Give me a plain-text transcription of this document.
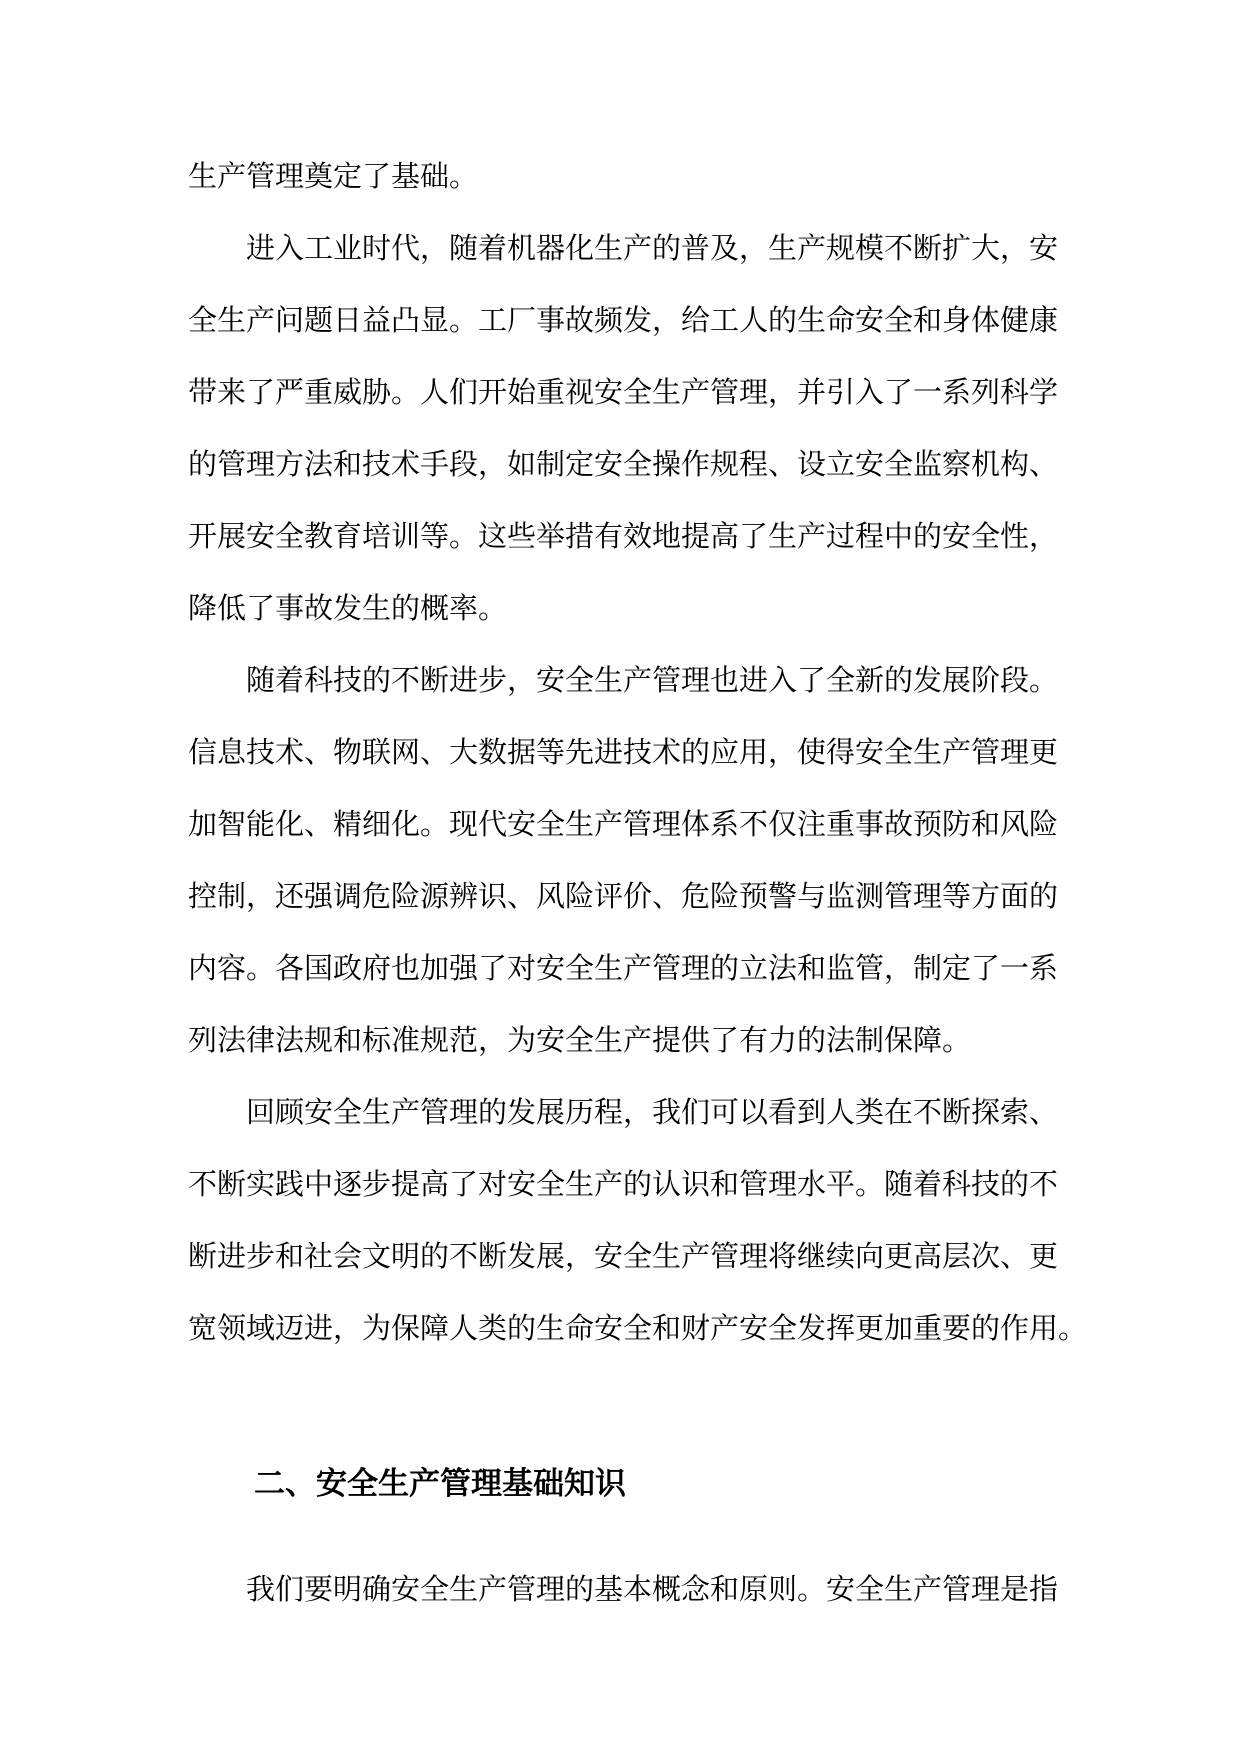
生产管理奠定了基础。
进入工业时代，随着机器化生产的普及，生产规模不断扩大，安
全生产问题日益凸显。工厂事故频发，给工人的生命安全和身体健康
带来了严重威胁。人们开始重视安全生产管理，并引入了一系列科学
的管理方法和技术手段，如制定安全操作规程、设立安全监察机构、
开展安全教育培训等。这些举措有效地提高了生产过程中的安全性，
降低了事故发生的概率。
随着科技的不断进步，安全生产管理也进入了全新的发展阶段。
信息技术、物联网、大数据等先进技术的应用，使得安全生产管理更
加智能化、精细化。现代安全生产管理体系不仅注重事故预防和风险
控制，还强调危险源辨识、风险评价、危险预警与监测管理等方面的
内容。各国政府也加强了对安全生产管理的立法和监管，制定了一系
列法律法规和标准规范，为安全生产提供了有力的法制保障。
回顾安全生产管理的发展历程，我们可以看到人类在不断探索、
不断实践中逐步提高了对安全生产的认识和管理水平。随着科技的不
断进步和社会文明的不断发展，安全生产管理将继续向更高层次、更
宽领域迈进，为保障人类的生命安全和财产安全发挥更加重要的作用。
二、安全生产管理基础知识
我们要明确安全生产管理的基本概念和原则。安全生产管理是指
